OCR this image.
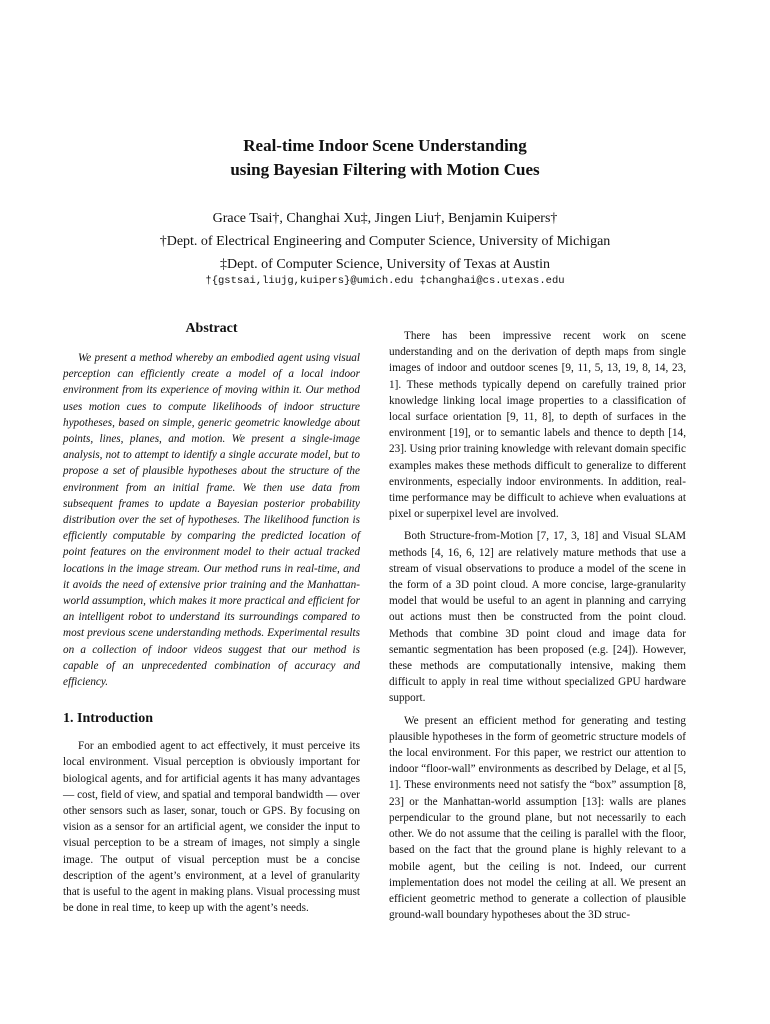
Real-time Indoor Scene Understanding
using Bayesian Filtering with Motion Cues
Grace Tsai†, Changhai Xu‡, Jingen Liu†, Benjamin Kuipers†
†Dept. of Electrical Engineering and Computer Science, University of Michigan
‡Dept. of Computer Science, University of Texas at Austin
†{gstsai,liujg,kuipers}@umich.edu ‡changhai@cs.utexas.edu
Abstract

We present a method whereby an embodied agent using visual perception can efficiently create a model of a local indoor environment from its experience of moving within it. Our method uses motion cues to compute likelihoods of indoor structure hypotheses, based on simple, generic geometric knowledge about points, lines, planes, and motion. We present a single-image analysis, not to attempt to identify a single accurate model, but to propose a set of plausible hypotheses about the structure of the environment from an initial frame. We then use data from subsequent frames to update a Bayesian posterior probability distribution over the set of hypotheses. The likelihood function is efficiently computable by comparing the predicted location of point features on the environment model to their actual tracked locations in the image stream. Our method runs in real-time, and it avoids the need of extensive prior training and the Manhattan-world assumption, which makes it more practical and efficient for an intelligent robot to understand its surroundings compared to most previous scene understanding methods. Experimental results on a collection of indoor videos suggest that our method is capable of an unprecedented combination of accuracy and efficiency.

1. Introduction

For an embodied agent to act effectively, it must perceive its local environment. Visual perception is obviously important for biological agents, and for artificial agents it has many advantages — cost, field of view, and spatial and temporal bandwidth — over other sensors such as laser, sonar, touch or GPS. By focusing on vision as a sensor for an artificial agent, we consider the input to visual perception to be a stream of images, not simply a single image. The output of visual perception must be a concise description of the agent’s environment, at a level of granularity that is useful to the agent in making plans. Visual processing must be done in real time, to keep up with the agent’s needs.

There has been impressive recent work on scene understanding and on the derivation of depth maps from single images of indoor and outdoor scenes [9, 11, 5, 13, 19, 8, 14, 23, 1]. These methods typically depend on carefully trained prior knowledge linking local image properties to a classification of local surface orientation [9, 11, 8], to depth of surfaces in the environment [19], or to semantic labels and thence to depth [14, 23]. Using prior training knowledge with relevant domain specific examples makes these methods difficult to generalize to different environments, especially indoor environments. In addition, real-time performance may be difficult to achieve when evaluations at pixel or superpixel level are involved.

Both Structure-from-Motion [7, 17, 3, 18] and Visual SLAM methods [4, 16, 6, 12] are relatively mature methods that use a stream of visual observations to produce a model of the scene in the form of a 3D point cloud. A more concise, large-granularity model that would be useful to an agent in planning and carrying out actions must then be constructed from the point cloud. Methods that combine 3D point cloud and image data for semantic segmentation has been proposed (e.g. [24]). However, these methods are computationally intensive, making them difficult to apply in real time without specialized GPU hardware support.

We present an efficient method for generating and testing plausible hypotheses in the form of geometric structure models of the local environment. For this paper, we restrict our attention to indoor “floor-wall” environments as described by Delage, et al [5, 1]. These environments need not satisfy the “box” assumption [8, 23] or the Manhattan-world assumption [13]: walls are planes perpendicular to the ground plane, but not necessarily to each other. We do not assume that the ceiling is parallel with the floor, based on the fact that the ground plane is highly relevant to a mobile agent, but the ceiling is not. Indeed, our current implementation does not model the ceiling at all. We present an efficient geometric method to generate a collection of plausible ground-wall boundary hypotheses about the 3D struc-
